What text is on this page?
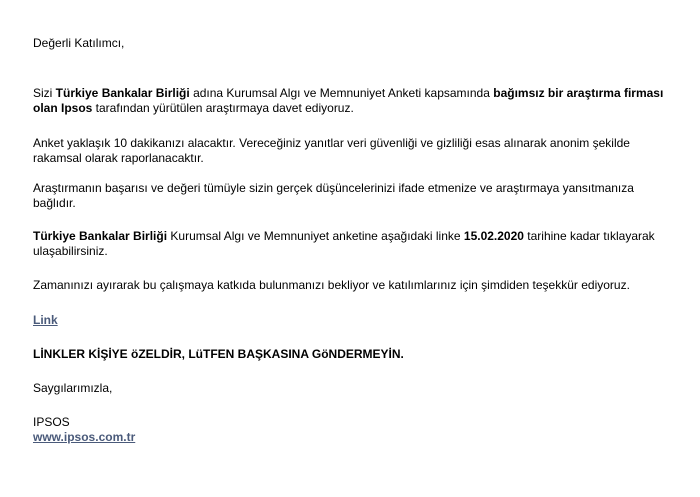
Değerli Katılımcı,

Sizi Türkiye Bankalar Birliği adına Kurumsal Algı ve Memnuniyet Anketi kapsamında bağımsız bir araştırma firması olan Ipsos tarafından yürütülen araştırmaya davet ediyoruz.

Anket yaklaşık 10 dakikanızı alacaktır. Vereceğiniz yanıtlar veri güvenliği ve gizliliği esas alınarak anonim şekilde rakamsal olarak raporlanacaktır.

Araştırmanın başarısı ve değeri tümüyle sizin gerçek düşüncelerinizi ifade etmenize ve araştırmaya yansıtmanıza bağlıdır.

Türkiye Bankalar Birliği Kurumsal Algı ve Memnuniyet anketine aşağıdaki linke 15.02.2020 tarihine kadar tıklayarak ulaşabilirsiniz.

Zamanınızı ayırarak bu çalışmaya katkıda bulunmanızı bekliyor ve katılımlarınız için şimdiden teşekkür ediyoruz.

Link

LİNKLER KİŞİYE öZELDİR, LüTFEN BAŞKASINA GöNDERMEYİN.

Saygılarımızla,

IPSOS
www.ipsos.com.tr
